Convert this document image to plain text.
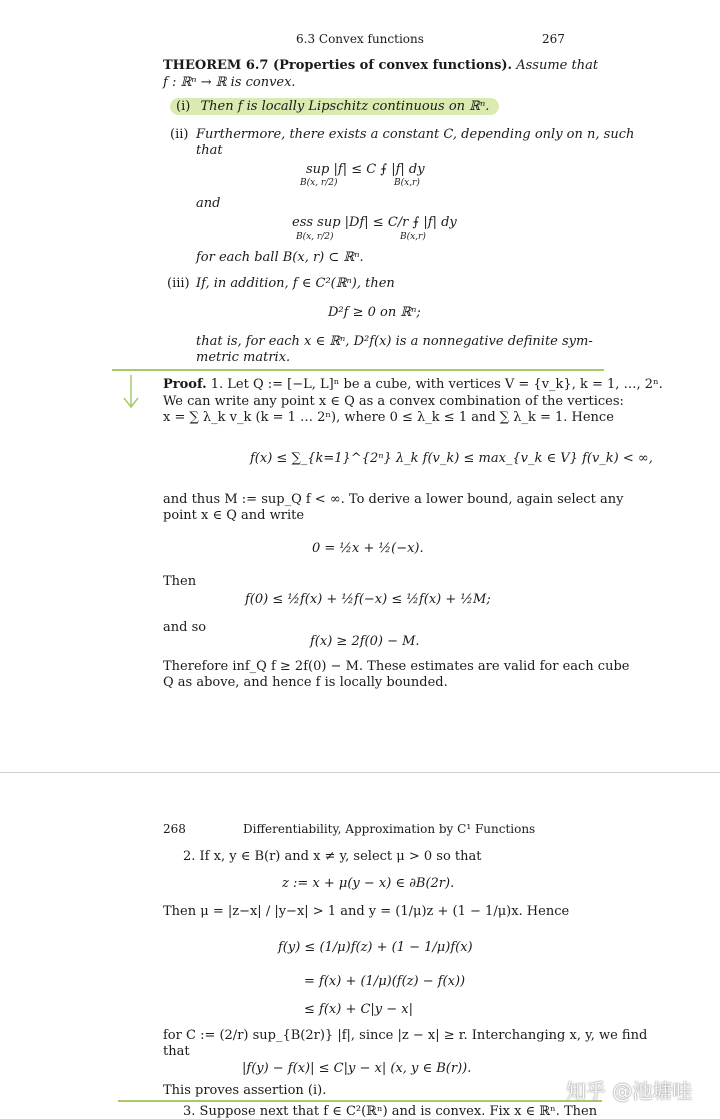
6.3 Convex functions	267
THEOREM 6.7 (Properties of convex functions). Assume that
f : ℝⁿ → ℝ is convex.
(i) Then f is locally Lipschitz continuous on ℝⁿ.
(ii) Furthermore, there exists a constant C, depending only on n, such
that
sup |f| ≤ C ⨍ |f| dy
B(x, r/2)	B(x,r)
and
ess sup |Df| ≤ C/r ⨍ |f| dy
B(x, r/2)	B(x,r)
for each ball B(x, r) ⊂ ℝⁿ.
(iii) If, in addition, f ∈ C²(ℝⁿ), then
D²f ≥ 0 on ℝⁿ;
that is, for each x ∈ ℝⁿ, D²f(x) is a nonnegative definite sym-
metric matrix.
Proof. 1. Let Q := [−L, L]ⁿ be a cube, with vertices V = {v_k}, k = 1, …, 2ⁿ.
We can write any point x ∈ Q as a convex combination of the vertices:
x = ∑ λ_k v_k (k = 1 … 2ⁿ), where 0 ≤ λ_k ≤ 1 and ∑ λ_k = 1. Hence
f(x) ≤ ∑_{k=1}^{2ⁿ} λ_k f(v_k) ≤ max_{v_k ∈ V} f(v_k) < ∞,
and thus M := sup_Q f < ∞. To derive a lower bound, again select any
point x ∈ Q and write
0 = ½x + ½(−x).
Then
f(0) ≤ ½f(x) + ½f(−x) ≤ ½f(x) + ½M;
and so
f(x) ≥ 2f(0) − M.
Therefore inf_Q f ≥ 2f(0) − M. These estimates are valid for each cube
Q as above, and hence f is locally bounded.
268	Differentiability, Approximation by C¹ Functions
2. If x, y ∈ B(r) and x ≠ y, select μ > 0 so that
z := x + μ(y − x) ∈ ∂B(2r).
Then μ = |z−x| / |y−x| > 1 and y = (1/μ)z + (1 − 1/μ)x. Hence
f(y) ≤ (1/μ)f(z) + (1 − 1/μ)f(x)
= f(x) + (1/μ)(f(z) − f(x))
≤ f(x) + C|y − x|
for C := (2/r) sup_{B(2r)} |f|, since |z − x| ≥ r. Interchanging x, y, we find
that
|f(y) − f(x)| ≤ C|y − x| (x, y ∈ B(r)).
This proves assertion (i).
3. Suppose next that f ∈ C²(ℝⁿ) and is convex. Fix x ∈ ℝⁿ. Then
知乎 @池塘哇
